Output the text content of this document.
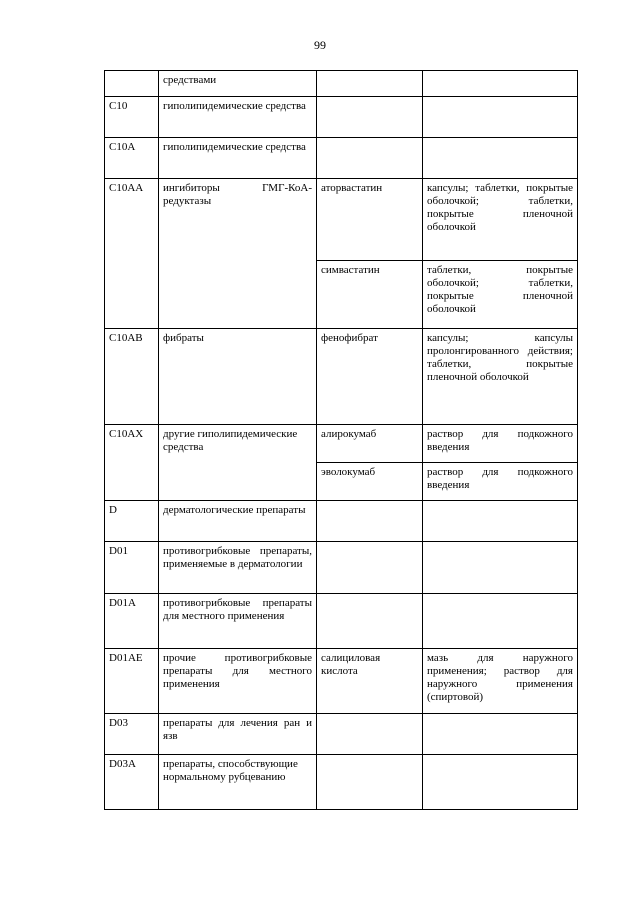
99
	средствами		
C10	гиполипидемические средства		
C10A	гиполипидемические средства		
C10AA	ингибиторы ГМГ-КоА-редуктазы	аторвастатин	капсулы; таблетки, покрытые оболочкой; таблетки, покрытые пленочной оболочкой
		симвастатин	таблетки, покрытые оболочкой; таблетки, покрытые пленочной оболочкой
C10AB	фибраты	фенофибрат	капсулы; капсулы пролонгированного действия; таблетки, покрытые пленочной оболочкой
C10AX	другие гиполипидемические средства	алирокумаб	раствор для подкожного введения
		эволокумаб	раствор для подкожного введения
D	дерматологические препараты		
D01	противогрибковые препараты, применяемые в дерматологии		
D01A	противогрибковые препараты для местного применения		
D01AE	прочие противогрибковые препараты для местного применения	салициловая кислота	мазь для наружного применения; раствор для наружного применения (спиртовой)
D03	препараты для лечения ран и язв		
D03A	препараты, способствующие нормальному рубцеванию		
